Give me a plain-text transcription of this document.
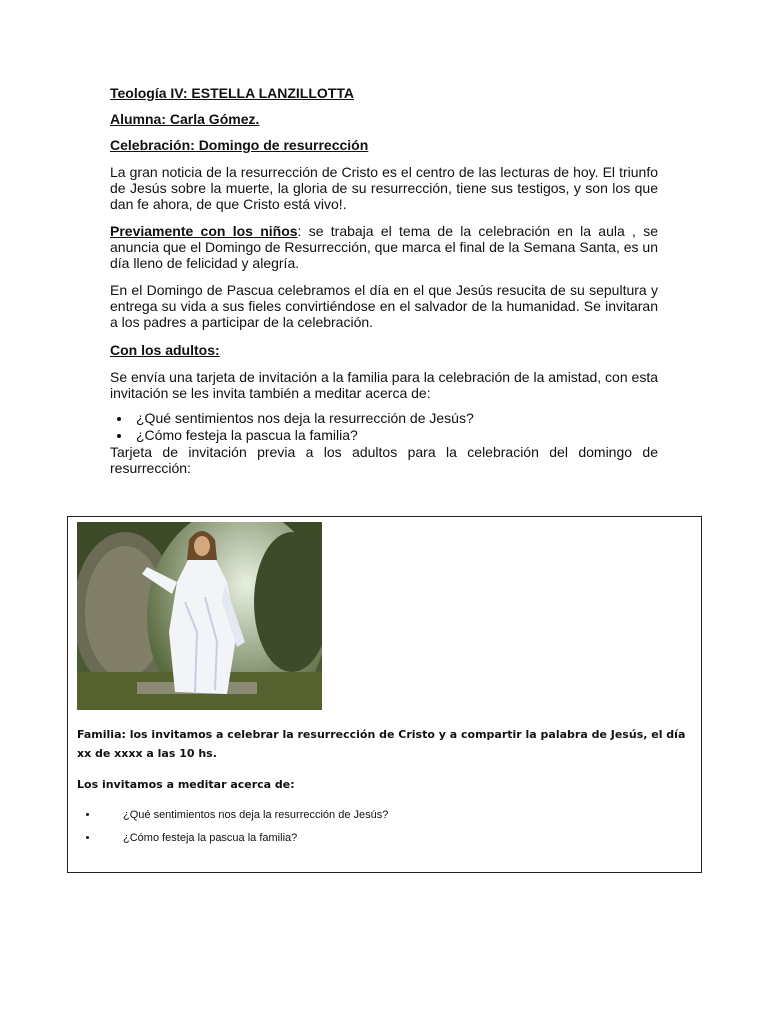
Teología IV: ESTELLA LANZILLOTTA

Alumna: Carla Gómez.

Celebración: Domingo de resurrección

La gran noticia de la resurrección de Cristo es el centro de las lecturas de hoy. El triunfo de Jesús sobre la muerte, la gloria de su resurrección, tiene sus testigos, y son los que dan fe ahora, de que Cristo está vivo!.

Previamente con los niños: se trabaja el tema de la celebración en la aula , se anuncia que el Domingo de Resurrección, que marca el final de la Semana Santa, es un día lleno de felicidad y alegría.

En el Domingo de Pascua celebramos el día en el que Jesús resucita de su sepultura y entrega su vida a sus fieles convirtiéndose en el salvador de la humanidad. Se invitaran a los padres a participar de la celebración.

Con los adultos:

Se envía una tarjeta de invitación a la familia para la celebración de la amistad, con esta invitación se les invita también a meditar acerca de:

• ¿Qué sentimientos nos deja la resurrección de Jesús?
• ¿Cómo festeja la pascua la familia?

Tarjeta de invitación previa a los adultos para la celebración del domingo de resurrección:

Familia: los invitamos a celebrar la resurrección de Cristo y a compartir la palabra de Jesús, el día xx de xxxx a las 10 hs.

Los invitamos a meditar acerca de:

• ¿Qué sentimientos nos deja la resurrección de Jesús?
• ¿Cómo festeja la pascua la familia?
